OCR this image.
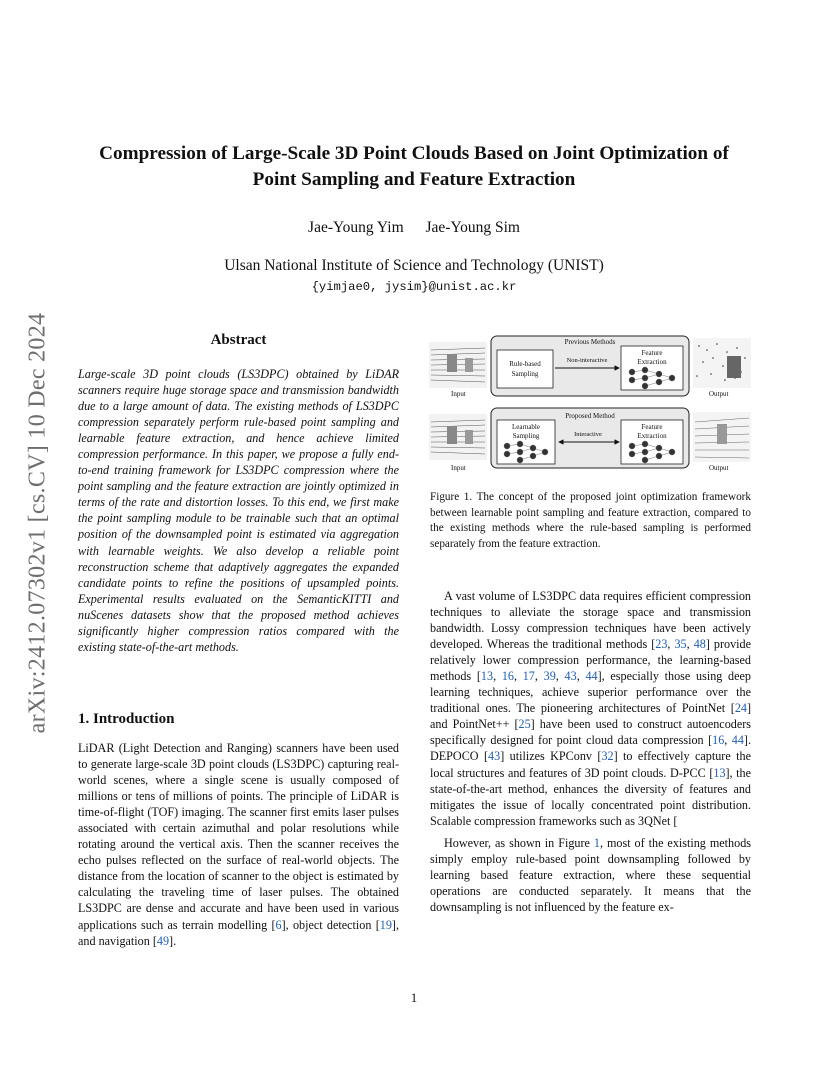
arXiv:2412.07302v1 [cs.CV] 10 Dec 2024
Compression of Large-Scale 3D Point Clouds Based on Joint Optimization of Point Sampling and Feature Extraction
Jae-Young Yim Jae-Young Sim
Ulsan National Institute of Science and Technology (UNIST)
{yimjae0, jysim}@unist.ac.kr
Abstract
Large-scale 3D point clouds (LS3DPC) obtained by LiDAR scanners require huge storage space and transmission bandwidth due to a large amount of data. The existing methods of LS3DPC compression separately perform rule-based point sampling and learnable feature extraction, and hence achieve limited compression performance. In this paper, we propose a fully end-to-end training framework for LS3DPC compression where the point sampling and the feature extraction are jointly optimized in terms of the rate and distortion losses. To this end, we first make the point sampling module to be trainable such that an optimal position of the downsampled point is estimated via aggregation with learnable weights. We also develop a reliable point reconstruction scheme that adaptively aggregates the expanded candidate points to refine the positions of upsampled points. Experimental results evaluated on the SemanticKITTI and nuScenes datasets show that the proposed method achieves significantly higher compression ratios compared with the existing state-of-the-art methods.
1. Introduction
LiDAR (Light Detection and Ranging) scanners have been used to generate large-scale 3D point clouds (LS3DPC) capturing real-world scenes, where a single scene is usually composed of millions or tens of millions of points. The principle of LiDAR is time-of-flight (TOF) imaging. The scanner first emits laser pulses associated with certain azimuthal and polar resolutions while rotating around the vertical axis. Then the scanner receives the echo pulses reflected on the surface of real-world objects. The distance from the location of scanner to the object is estimated by calculating the traveling time of laser pulses. The obtained LS3DPC are dense and accurate and have been used in various applications such as terrain modelling [6], object detection [19], and navigation [49].
Input
Input
Output
Output
Previous Methods
Rule-based
Sampling
Non-interactive
Feature
Extraction
Proposed Method
Learnable
Sampling	Interactive
Feature
Extraction
Figure 1. The concept of the proposed joint optimization framework between learnable point sampling and feature extraction, compared to the existing methods where the rule-based sampling is performed separately from the feature extraction.

A vast volume of LS3DPC data requires efficient compression techniques to alleviate the storage space and transmission bandwidth. Lossy compression techniques have been actively developed. Whereas the traditional methods [23, 35, 48] provide relatively lower compression performance, the learning-based methods [13, 16, 17, 39, 43, 44], especially those using deep learning techniques, achieve superior performance over the traditional ones. The pioneering architectures of PointNet [24] and PointNet++ [25] have been used to construct autoencoders specifically designed for point cloud data compression [16, 44]. DEPOCO [43] utilizes KPConv [32] to effectively capture the local structures and features of 3D point clouds. D-PCC [13], the state-of-the-art method, enhances the diversity of features and mitigates the issue of locally concentrated point distribution. Scalable compression frameworks such as 3QNet [

However, as shown in Figure 1, most of the existing methods simply employ rule-based point downsampling followed by learning based feature extraction, where these sequential operations are conducted separately. It means that the downsampling is not influenced by the feature ex-

1
